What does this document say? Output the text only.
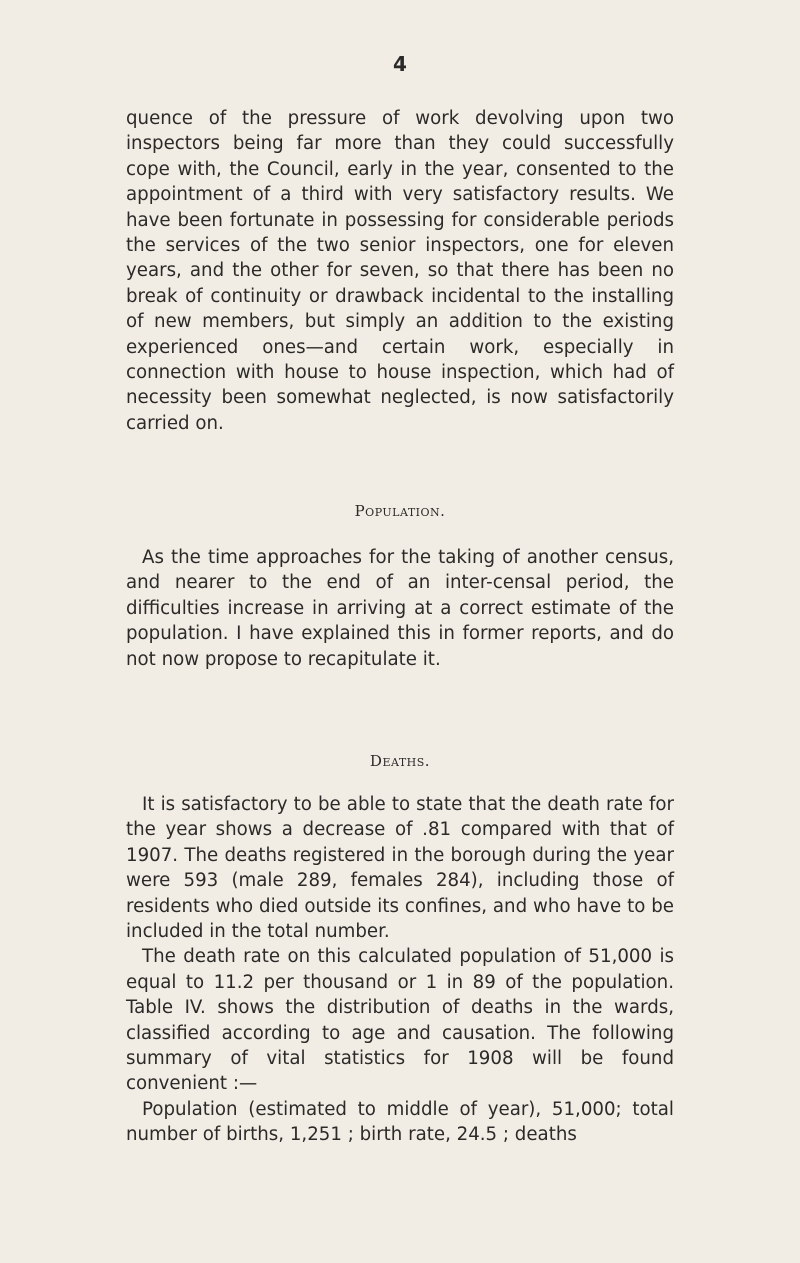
4

quence of the pressure of work devolving upon two inspectors being far more than they could successfully cope with, the Council, early in the year, consented to the appointment of a third with very satisfactory results. We have been fortunate in possessing for considerable periods the services of the two senior inspectors, one for eleven years, and the other for seven, so that there has been no break of continuity or drawback incidental to the installing of new members, but simply an addition to the existing experienced ones—and certain work, especially in connection with house to house inspection, which had of necessity been somewhat neglected, is now satisfactorily carried on.

Population.

As the time approaches for the taking of another census, and nearer to the end of an inter-censal period, the difficulties increase in arriving at a correct estimate of the population. I have explained this in former reports, and do not now propose to recapitulate it.

Deaths.

It is satisfactory to be able to state that the death rate for the year shows a decrease of .81 compared with that of 1907. The deaths registered in the borough during the year were 593 (male 289, females 284), including those of residents who died outside its confines, and who have to be included in the total number.

The death rate on this calculated population of 51,000 is equal to 11.2 per thousand or 1 in 89 of the population. Table IV. shows the distribution of deaths in the wards, classified according to age and causation. The following summary of vital statistics for 1908 will be found convenient :—

Population (estimated to middle of year), 51,000; total number of births, 1,251 ; birth rate, 24.5 ; deaths
